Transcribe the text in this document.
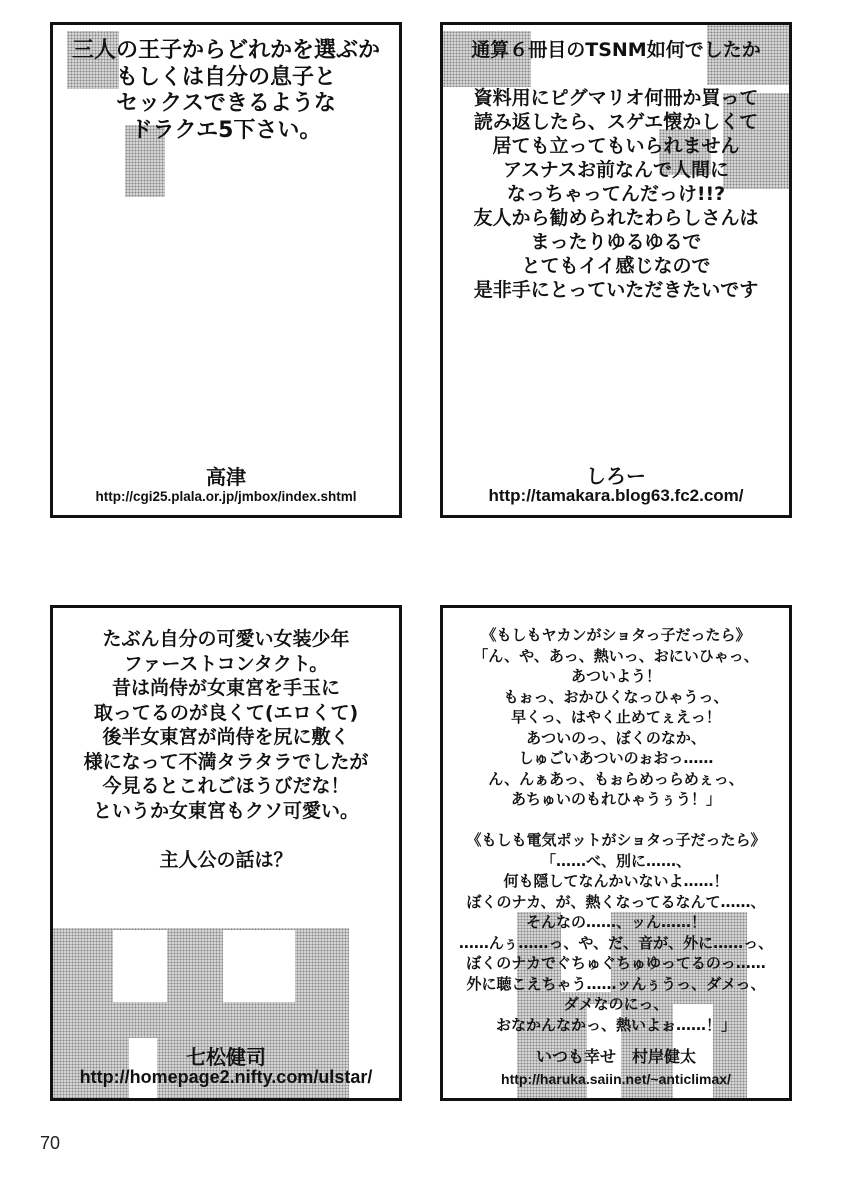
三人の王子からどれかを選ぶか
もしくは自分の息子と
セックスできるような
ドラクエ5下さい。
高津
http://cgi25.plala.or.jp/jmbox/index.shtml
通算６冊目のTSNM如何でしたか

資料用にピグマリオ何冊か買って
読み返したら、スゲエ懐かしくて
居ても立ってもいられません
アスナスお前なんで人間に
なっちゃってんだっけ!!?
友人から勧められたわらしさんは
まったりゆるゆるで
とてもイイ感じなので
是非手にとっていただきたいです
しろー
http://tamakara.blog63.fc2.com/
たぶん自分の可愛い女装少年
ファーストコンタクト。
昔は尚侍が女東宮を手玉に
取ってるのが良くて(エロくて)
後半女東宮が尚侍を尻に敷く
様になって不満タラタラでしたが
今見るとこれごほうびだな！
というか女東宮もクソ可愛い。

主人公の話は？
七松健司
http://homepage2.nifty.com/ulstar/
《もしもヤカンがショタっ子だったら》
「ん、や、あっ、熱いっ、おにいひゃっ、
あついよう！
もぉっ、おかひくなっひゃうっ、
早くっ、はやく止めてぇえっ！
あついのっ、ぼくのなか、
しゅごいあついのぉおっ……
ん、んぁあっ、もぉらめっらめぇっ、
あちゅいのもれひゃうぅう！」

《もしも電気ポットがショタっ子だったら》
「……べ、別に……、
何も隠してなんかいないよ……！
ぼくのナカ、が、熱くなってるなんて……、
そんなの……、ッん……！
……んぅ……っ、や、だ、音が、外に……っ、
ぼくのナカでぐちゅぐちゅゆってるのっ……
外に聴こえちゃう……ッんぅうっ、ダメっ、
ダメなのにっ、
おなかんなかっ、熱いよぉ……！」
いつも幸せ　村岸健太
http://haruka.saiin.net/~anticlimax/
70
